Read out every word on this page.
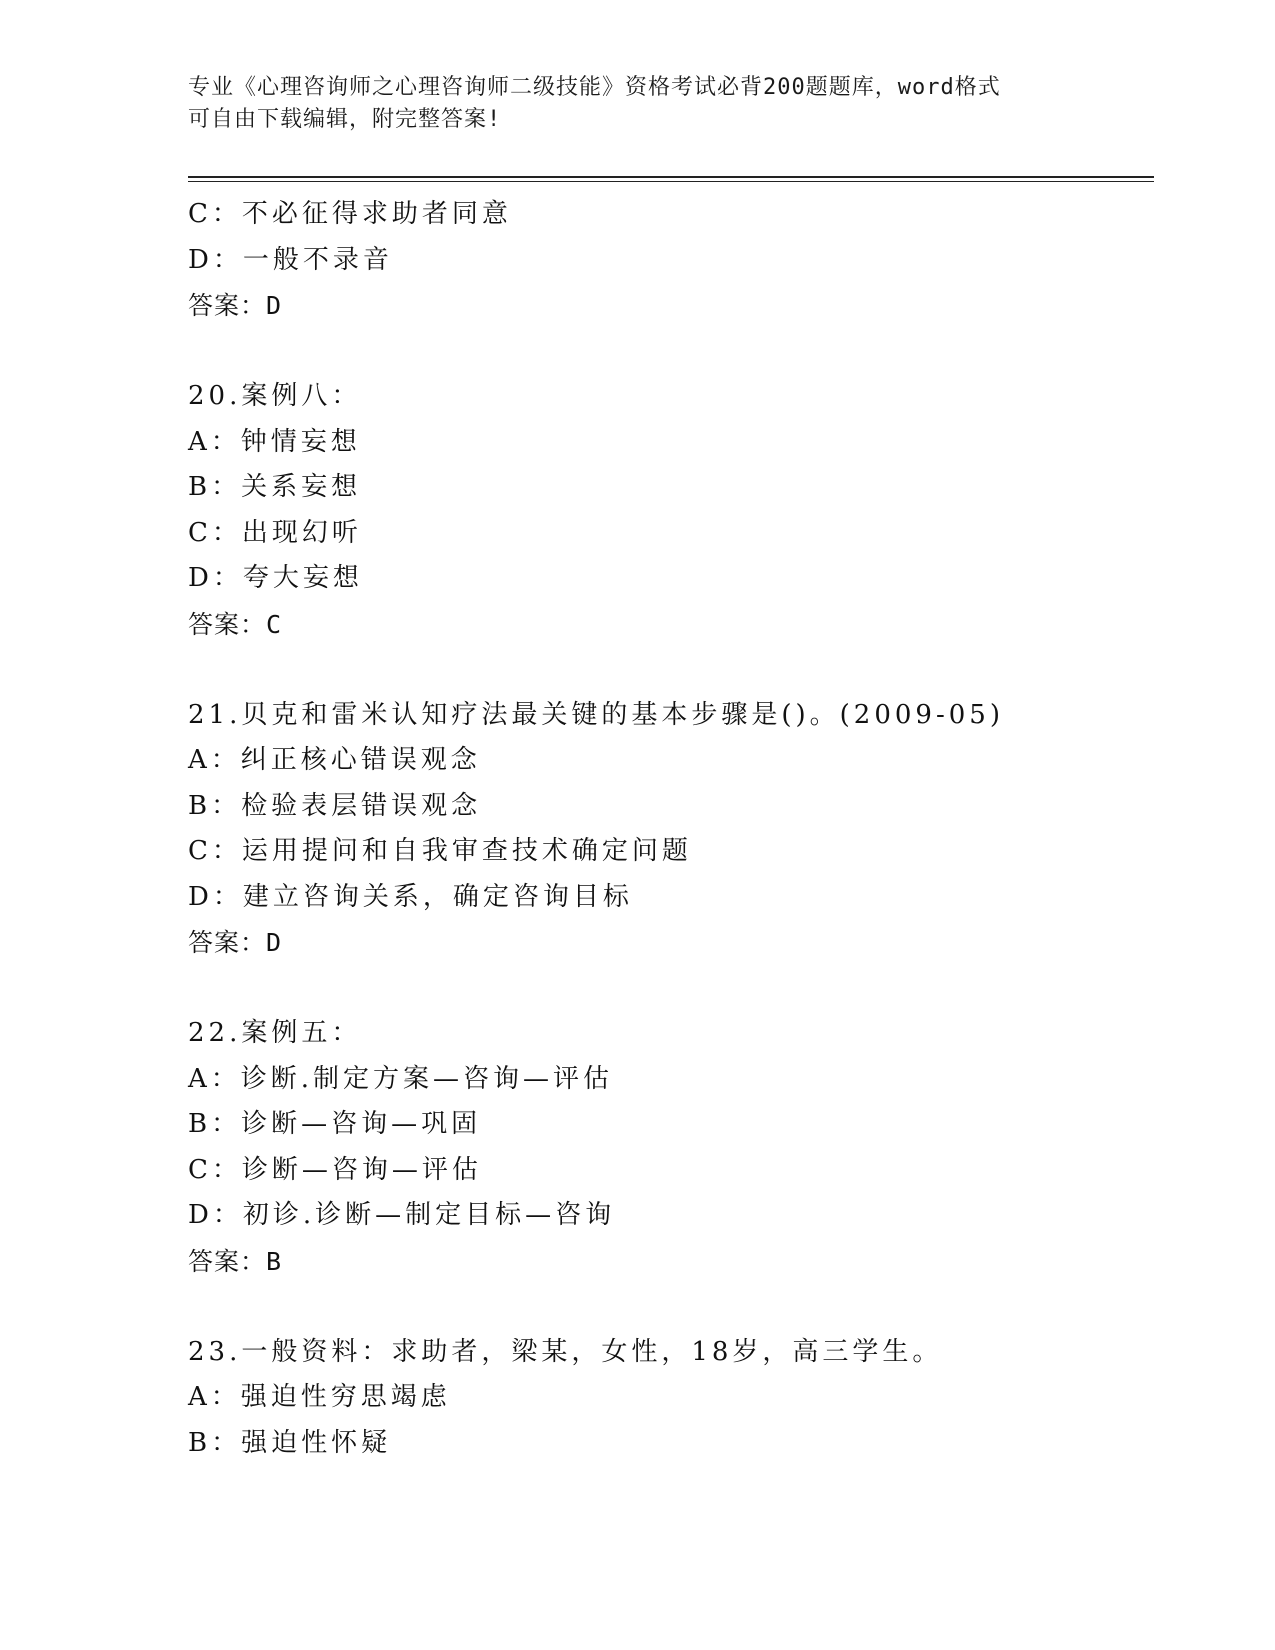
专业《心理咨询师之心理咨询师二级技能》资格考试必背200题题库，word格式
可自由下载编辑，附完整答案!
C：不必征得求助者同意
D：一般不录音
答案：D
20.案例八：
A：钟情妄想
B：关系妄想
C：出现幻听
D：夸大妄想
答案：C
21.贝克和雷米认知疗法最关键的基本步骤是()。(2009-05)
A：纠正核心错误观念
B：检验表层错误观念
C：运用提问和自我审查技术确定问题
D：建立咨询关系，确定咨询目标
答案：D
22.案例五：
A：诊断.制定方案—咨询—评估
B：诊断—咨询—巩固
C：诊断—咨询—评估
D：初诊.诊断—制定目标—咨询
答案：B
23.一般资料：求助者，梁某，女性，18岁，高三学生。
A：强迫性穷思竭虑
B：强迫性怀疑
